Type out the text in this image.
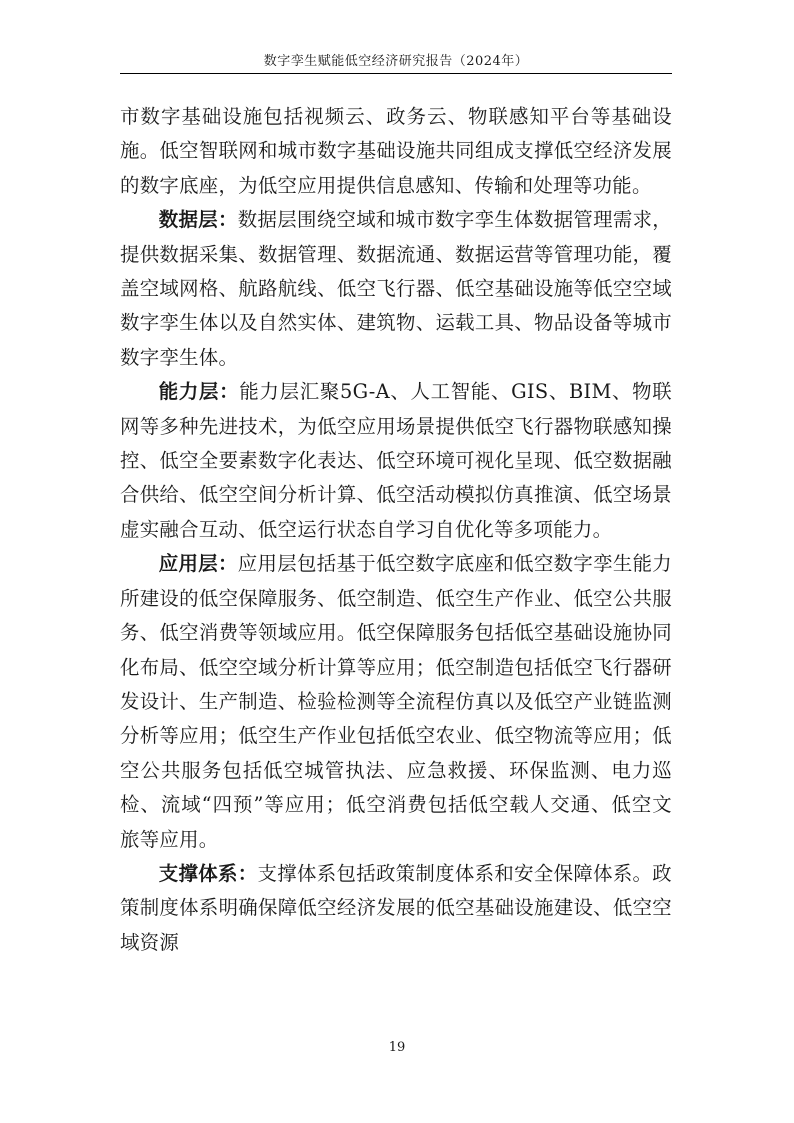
数字孪生赋能低空经济研究报告（2024年）

市数字基础设施包括视频云、政务云、物联感知平台等基础设施。低空智联网和城市数字基础设施共同组成支撑低空经济发展的数字底座，为低空应用提供信息感知、传输和处理等功能。

数据层：数据层围绕空域和城市数字孪生体数据管理需求，提供数据采集、数据管理、数据流通、数据运营等管理功能，覆盖空域网格、航路航线、低空飞行器、低空基础设施等低空空域数字孪生体以及自然实体、建筑物、运载工具、物品设备等城市数字孪生体。

能力层：能力层汇聚5G-A、人工智能、GIS、BIM、物联网等多种先进技术，为低空应用场景提供低空飞行器物联感知操控、低空全要素数字化表达、低空环境可视化呈现、低空数据融合供给、低空空间分析计算、低空活动模拟仿真推演、低空场景虚实融合互动、低空运行状态自学习自优化等多项能力。

应用层：应用层包括基于低空数字底座和低空数字孪生能力所建设的低空保障服务、低空制造、低空生产作业、低空公共服务、低空消费等领域应用。低空保障服务包括低空基础设施协同化布局、低空空域分析计算等应用；低空制造包括低空飞行器研发设计、生产制造、检验检测等全流程仿真以及低空产业链监测分析等应用；低空生产作业包括低空农业、低空物流等应用；低空公共服务包括低空城管执法、应急救援、环保监测、电力巡检、流域“四预”等应用；低空消费包括低空载人交通、低空文旅等应用。

支撑体系：支撑体系包括政策制度体系和安全保障体系。政策制度体系明确保障低空经济发展的低空基础设施建设、低空空域资源

19
